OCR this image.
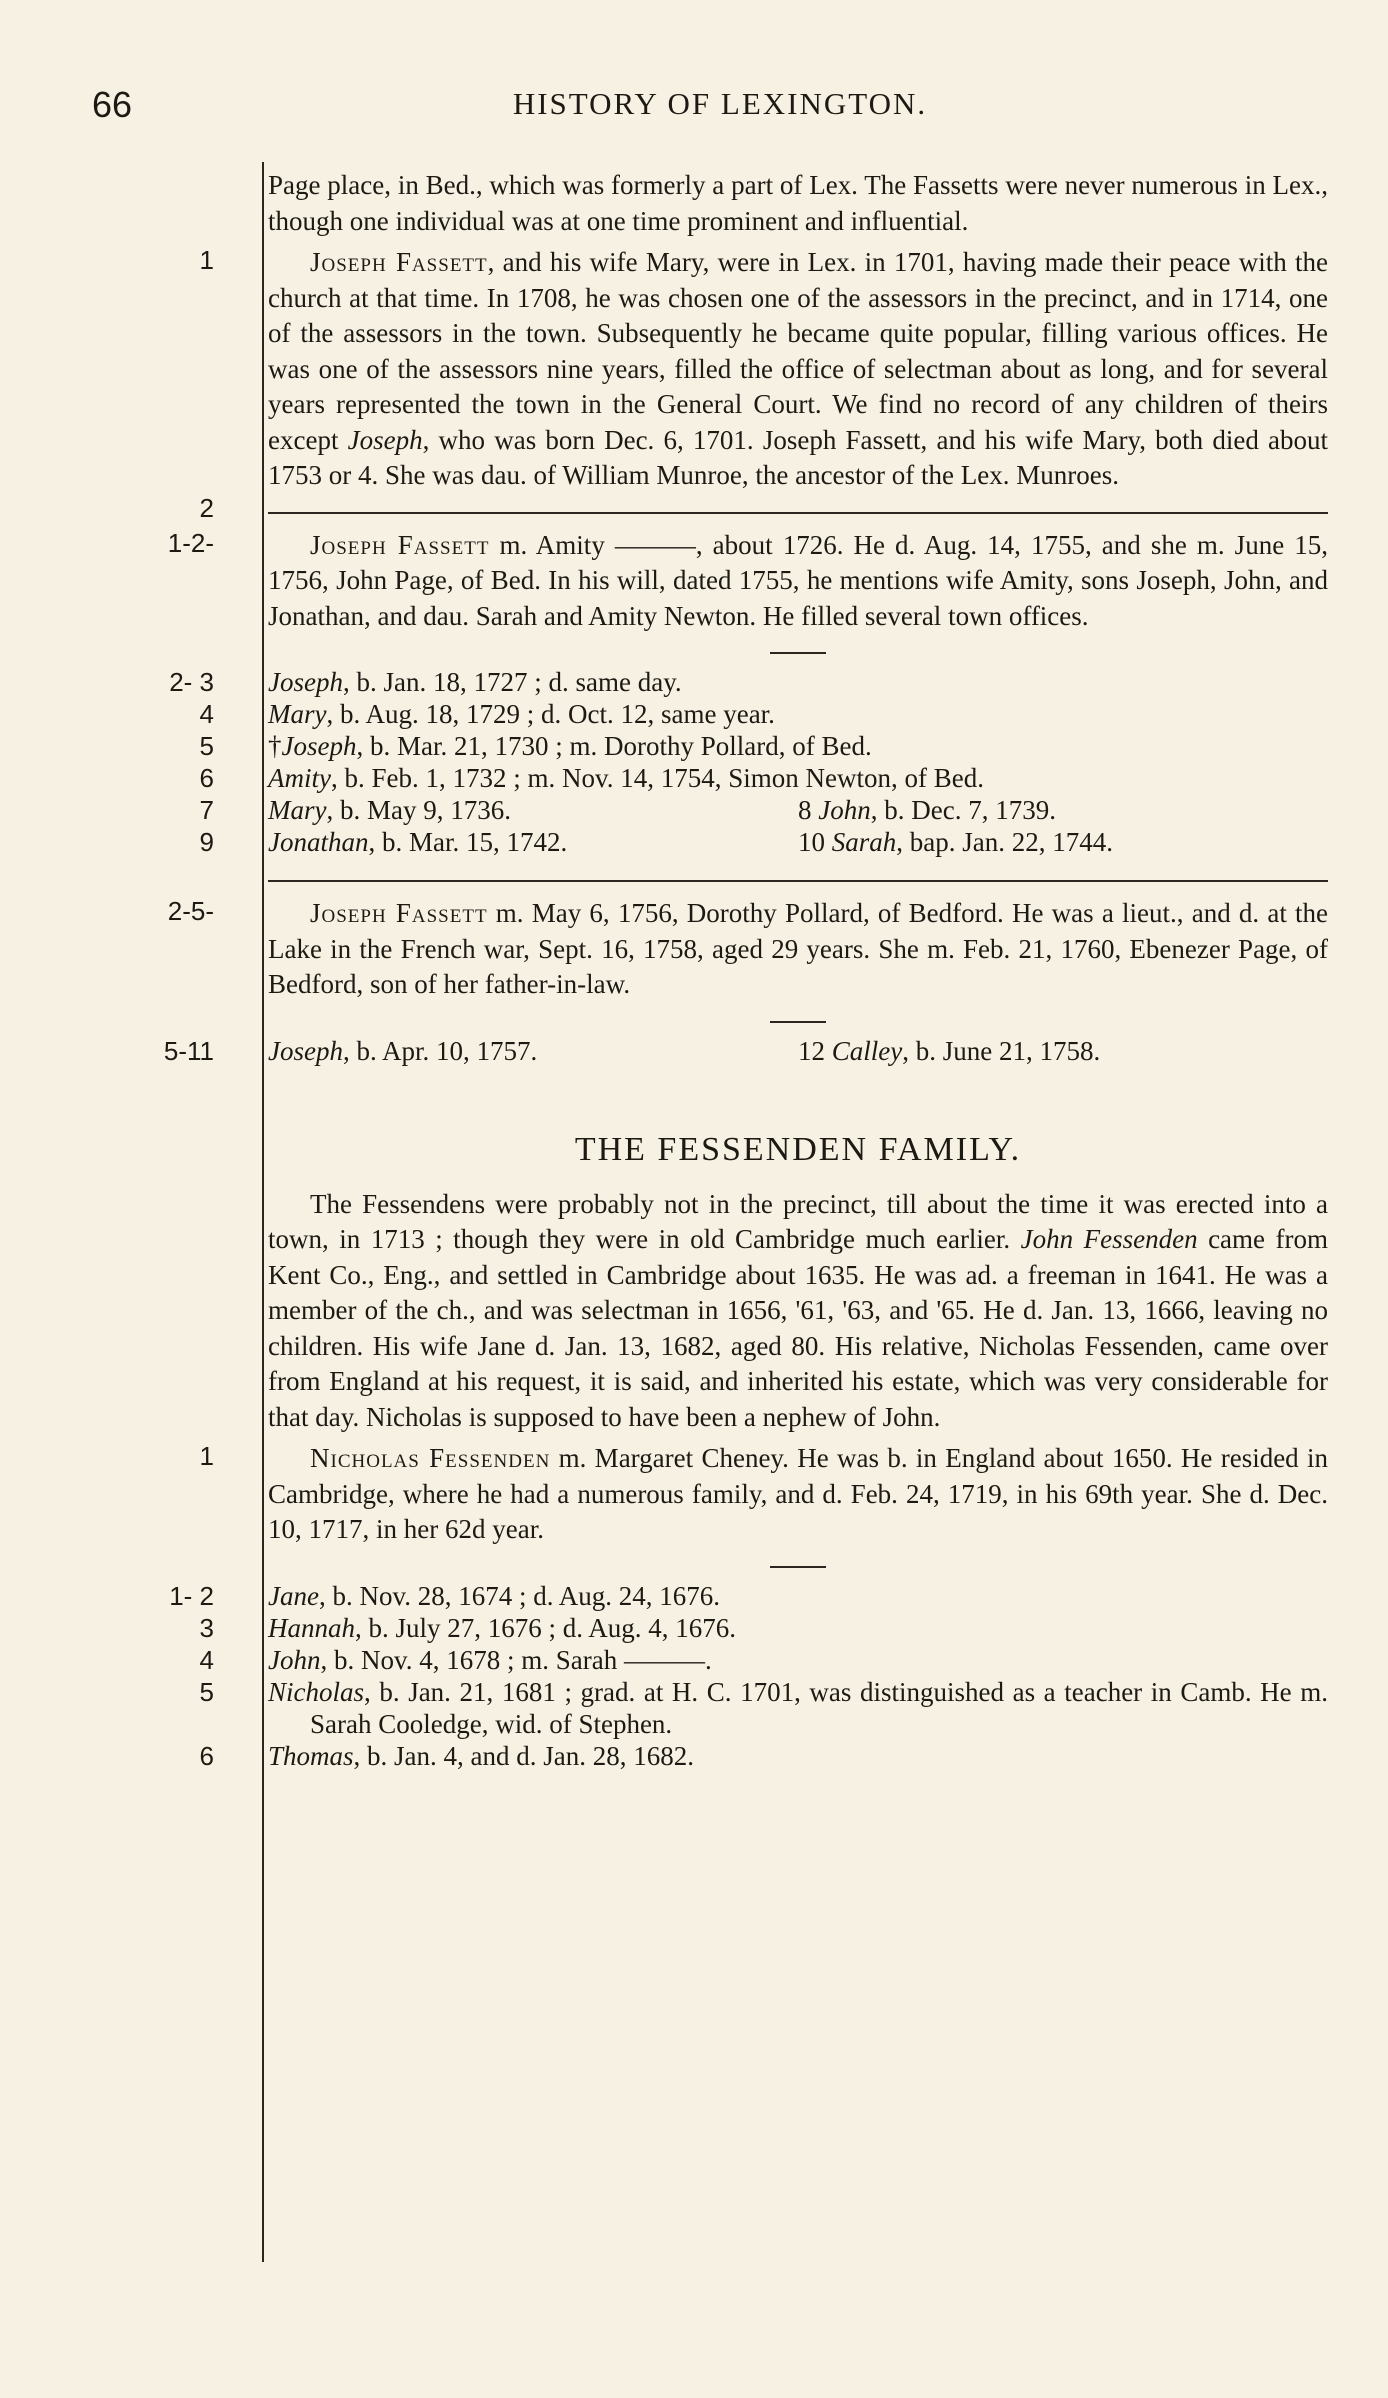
66	HISTORY OF LEXINGTON.

Page place, in Bed., which was formerly a part of Lex. The Fassetts were never numerous in Lex., though one individual was at one time prominent and influential.

1
2

Joseph Fassett, and his wife Mary, were in Lex. in 1701, having made their peace with the church at that time. In 1708, he was chosen one of the assessors in the precinct, and in 1714, one of the assessors in the town. Subsequently he became quite popular, filling various offices. He was one of the assessors nine years, filled the office of selectman about as long, and for several years represented the town in the General Court. We find no record of any children of theirs except Joseph, who was born Dec. 6, 1701. Joseph Fassett, and his wife Mary, both died about 1753 or 4. She was dau. of William Munroe, the ancestor of the Lex. Munroes.

1-2-	Joseph Fassett m. Amity ———, about 1726. He d. Aug. 14, 1755, and she m. June 15, 1756, John Page, of Bed. In his will, dated 1755, he mentions wife Amity, sons Joseph, John, and Jonathan, and dau. Sarah and Amity Newton. He filled several town offices.

2- 3 Joseph, b. Jan. 18, 1727 ; d. same day.
4 Mary, b. Aug. 18, 1729 ; d. Oct. 12, same year.
5 †Joseph, b. Mar. 21, 1730 ; m. Dorothy Pollard, of Bed.
6 Amity, b. Feb. 1, 1732 ; m. Nov. 14, 1754, Simon Newton, of Bed.
7 Mary, b. May 9, 1736.	8 John, b. Dec. 7, 1739.
9 Jonathan, b. Mar. 15, 1742.	10 Sarah, bap. Jan. 22, 1744.
2-5-	Joseph Fassett m. May 6, 1756, Dorothy Pollard, of Bedford. He was a lieut., and d. at the Lake in the French war, Sept. 16, 1758, aged 29 years. She m. Feb. 21, 1760, Ebenezer Page, of Bedford, son of her father-in-law.

5-11 Joseph, b. Apr. 10, 1757.	12 Calley, b. June 21, 1758.
THE FESSENDEN FAMILY.

The Fessendens were probably not in the precinct, till about the time it was erected into a town, in 1713 ; though they were in old Cambridge much earlier. John Fessenden came from Kent Co., Eng., and settled in Cambridge about 1635. He was ad. a freeman in 1641. He was a member of the ch., and was selectman in 1656, '61, '63, and '65. He d. Jan. 13, 1666, leaving no children. His wife Jane d. Jan. 13, 1682, aged 80. His relative, Nicholas Fessenden, came over from England at his request, it is said, and inherited his estate, which was very considerable for that day. Nicholas is supposed to have been a nephew of John.

1	Nicholas Fessenden m. Margaret Cheney. He was b. in England about 1650. He resided in Cambridge, where he had a numerous family, and d. Feb. 24, 1719, in his 69th year. She d. Dec. 10, 1717, in her 62d year.

1- 2 Jane, b. Nov. 28, 1674 ; d. Aug. 24, 1676.
3 Hannah, b. July 27, 1676 ; d. Aug. 4, 1676.
4 John, b. Nov. 4, 1678 ; m. Sarah ———.
5 Nicholas, b. Jan. 21, 1681 ; grad. at H. C. 1701, was distinguished as a teacher in Camb. He m. Sarah Cooledge, wid. of Stephen.
6 Thomas, b. Jan. 4, and d. Jan. 28, 1682.
